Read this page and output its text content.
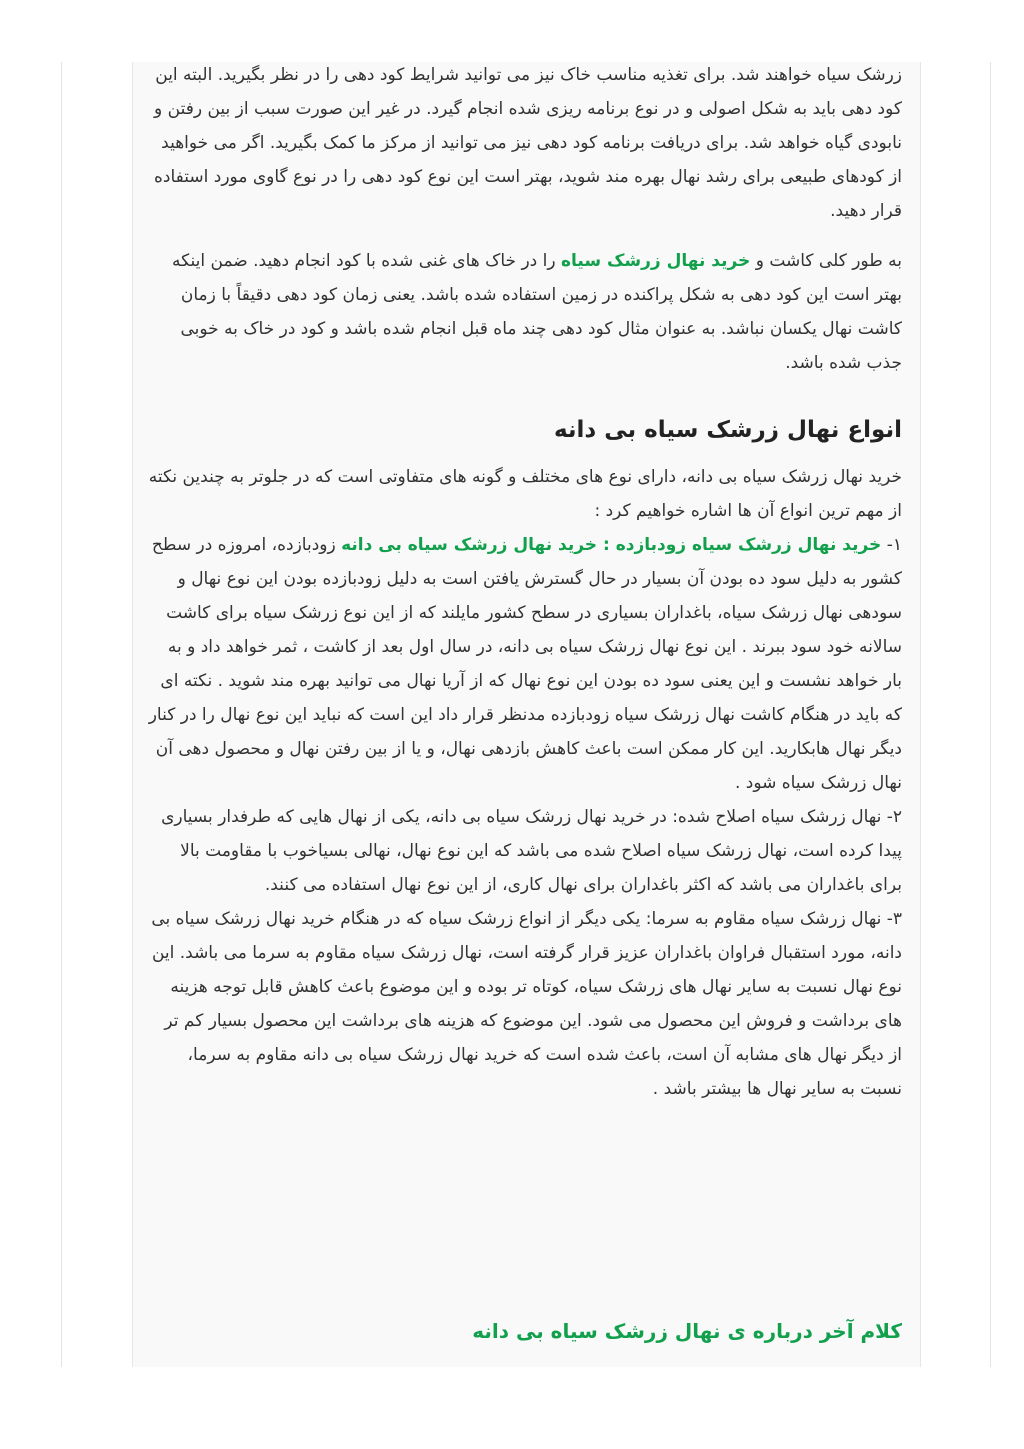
زرشک سیاه خواهند شد. برای تغذیه مناسب خاک نیز می توانید شرایط کود دهی را در نظر بگیرید. البته این کود دهی باید به شکل اصولی و در نوع برنامه ریزی شده انجام گیرد. در غیر این صورت سبب از بین رفتن و نابودی گیاه خواهد شد. برای دریافت برنامه کود دهی نیز می توانید از مرکز ما کمک بگیرید. اگر می خواهید از کودهای طبیعی برای رشد نهال بهره مند شوید، بهتر است این نوع کود دهی را در نوع گاوی مورد استفاده قرار دهید.

به طور کلی کاشت و خرید نهال زرشک سیاه را در خاک های غنی شده با کود انجام دهید. ضمن اینکه بهتر است این کود دهی به شکل پراکنده در زمین استفاده شده باشد. یعنی زمان کود دهی دقیقاً با زمان کاشت نهال یکسان نباشد. به عنوان مثال کود دهی چند ماه قبل انجام شده باشد و کود در خاک به خوبی جذب شده باشد.

انواع نهال زرشک سیاه بی دانه
خرید نهال زرشک سیاه بی دانه، دارای نوع های مختلف و گونه های متفاوتی است که در جلوتر به چندین نکته از مهم ترین انواع آن ها اشاره خواهیم کرد :
۱- خرید نهال زرشک سیاه زودبازده : خرید نهال زرشک سیاه بی دانه زودبازده، امروزه در سطح کشور به دلیل سود ده بودن آن بسیار در حال گسترش یافتن است به دلیل زودبازده بودن این نوع نهال و سودهی نهال زرشک سیاه، باغداران بسیاری در سطح کشور مایلند که از این نوع زرشک سیاه برای کاشت سالانه خود سود ببرند . این نوع نهال زرشک سیاه بی دانه، در سال اول بعد از کاشت ، ثمر خواهد داد و به بار خواهد نشست و این یعنی سود ده بودن این نوع نهال که از آریا نهال می توانید بهره مند شوید . نکته ای که باید در هنگام کاشت نهال زرشک سیاه زودبازده مدنظر قرار داد این است که نباید این نوع نهال را در کنار دیگر نهال هابکارید. این کار ممکن است باعث کاهش بازدهی نهال، و یا از بین رفتن نهال و محصول دهی آن نهال زرشک سیاه شود .
۲- نهال زرشک سیاه اصلاح شده: در خرید نهال زرشک سیاه بی دانه، یکی از نهال هایی که طرفدار بسیاری پیدا کرده است، نهال زرشک سیاه اصلاح شده می باشد که این نوع نهال، نهالی بسیاخوب با مقاومت بالا برای باغداران می باشد که اکثر باغداران برای نهال کاری، از این نوع نهال استفاده می کنند.
۳- نهال زرشک سیاه مقاوم به سرما: یکی دیگر از انواع زرشک سیاه که در هنگام خرید نهال زرشک سیاه بی دانه، مورد استقبال فراوان باغداران عزیز قرار گرفته است، نهال زرشک سیاه مقاوم به سرما می باشد. این نوع نهال نسبت به سایر نهال های زرشک سیاه، کوتاه تر بوده و این موضوع باعث کاهش قابل توجه هزینه های برداشت و فروش این محصول می شود. این موضوع که هزینه های برداشت این محصول بسیار کم تر از دیگر نهال های مشابه آن است، باعث شده است که خرید نهال زرشک سیاه بی دانه مقاوم به سرما، نسبت به سایر نهال ها بیشتر باشد .
کلام آخر درباره ی نهال زرشک سیاه بی دانه
